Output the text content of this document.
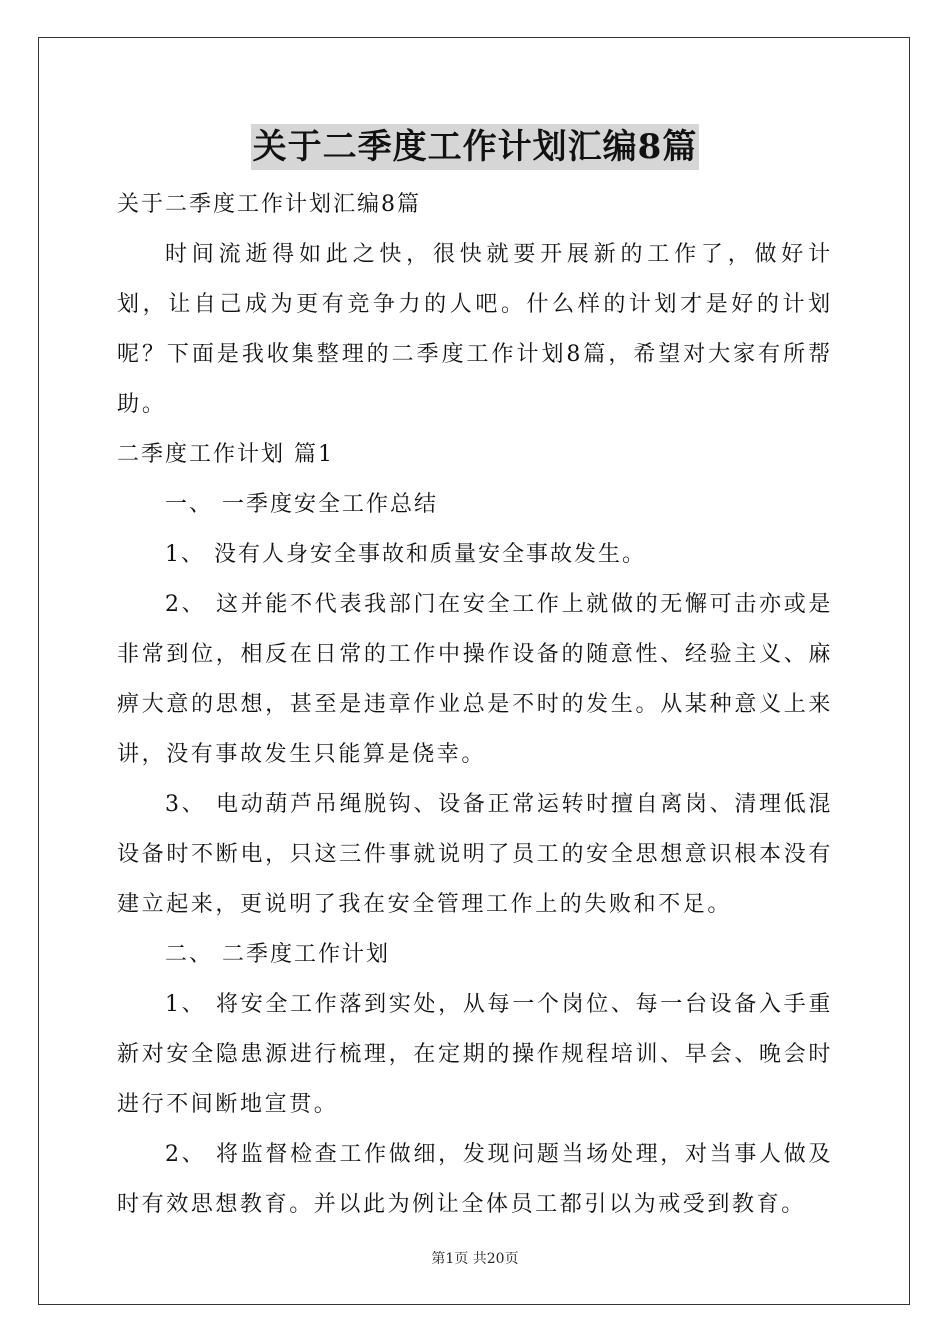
关于二季度工作计划汇编8篇
关于二季度工作计划汇编8篇

时间流逝得如此之快，很快就要开展新的工作了，做好计划，让自己成为更有竞争力的人吧。什么样的计划才是好的计划呢？下面是我收集整理的二季度工作计划8篇，希望对大家有所帮助。

二季度工作计划 篇1
一、 一季度安全工作总结
1、 没有人身安全事故和质量安全事故发生。

2、 这并能不代表我部门在安全工作上就做的无懈可击亦或是非常到位，相反在日常的工作中操作设备的随意性、经验主义、麻痹大意的思想，甚至是违章作业总是不时的发生。从某种意义上来讲，没有事故发生只能算是侥幸。

3、 电动葫芦吊绳脱钩、设备正常运转时擅自离岗、清理低混设备时不断电，只这三件事就说明了员工的安全思想意识根本没有建立起来，更说明了我在安全管理工作上的失败和不足。

二、 二季度工作计划

1、 将安全工作落到实处，从每一个岗位、每一台设备入手重新对安全隐患源进行梳理，在定期的操作规程培训、早会、晚会时进行不间断地宣贯。

2、 将监督检查工作做细，发现问题当场处理，对当事人做及时有效思想教育。并以此为例让全体员工都引以为戒受到教育。

第1页 共20页
